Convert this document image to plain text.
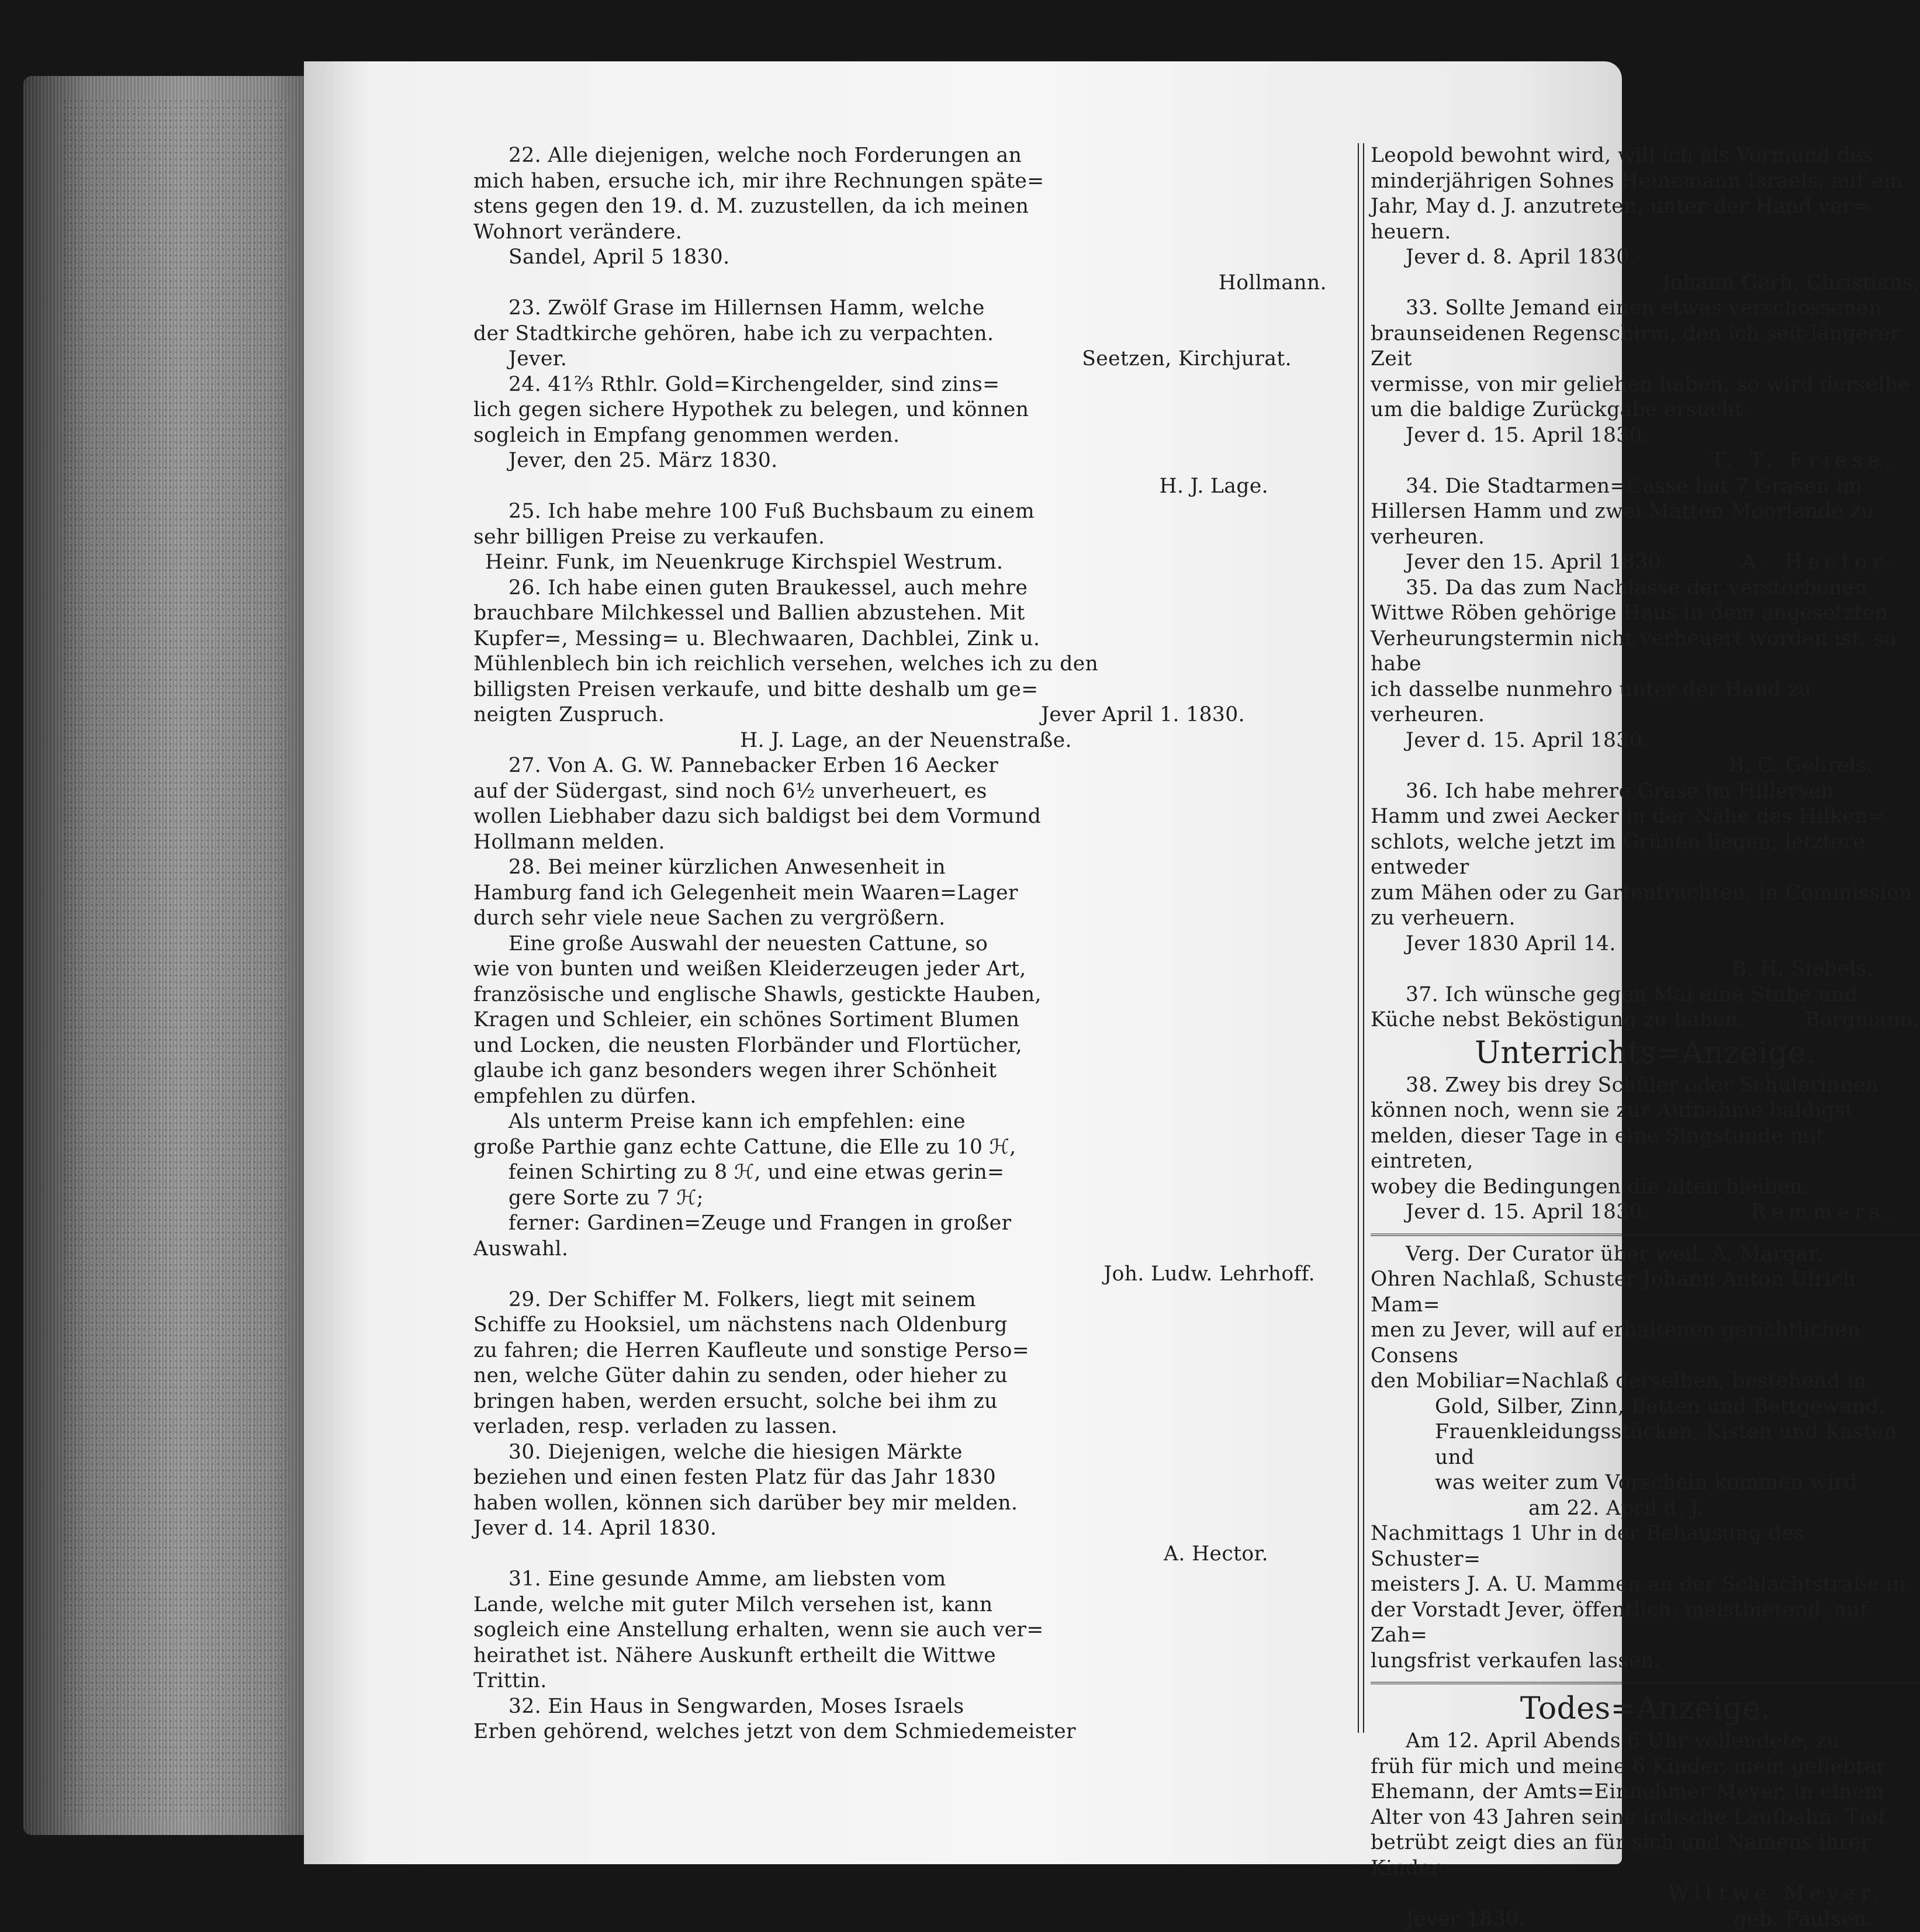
22. Alle diejenigen, welche noch Forderungen an
mich haben, ersuche ich, mir ihre Rechnungen späte=
stens gegen den 19. d. M. zuzustellen, da ich meinen
Wohnort verändere.
Sandel, April 5 1830.
Hollmann.
23. Zwölf Grase im Hillernsen Hamm, welche
der Stadtkirche gehören, habe ich zu verpachten.
Jever.	Seetzen, Kirchjurat.
24. 41⅔ Rthlr. Gold=Kirchengelder, sind zins=
lich gegen sichere Hypothek zu belegen, und können
sogleich in Empfang genommen werden.
Jever, den 25. März 1830.
H. J. Lage.
25. Ich habe mehre 100 Fuß Buchsbaum zu einem
sehr billigen Preise zu verkaufen.
Heinr. Funk, im Neuenkruge Kirchspiel Westrum.
26. Ich habe einen guten Braukessel, auch mehre
brauchbare Milchkessel und Ballien abzustehen. Mit
Kupfer=, Messing= u. Blechwaaren, Dachblei, Zink u.
Mühlenblech bin ich reichlich versehen, welches ich zu den
billigsten Preisen verkaufe, und bitte deshalb um ge=
neigten Zuspruch.	Jever April 1. 1830.
H. J. Lage, an der Neuenstraße.
27. Von A. G. W. Pannebacker Erben 16 Aecker
auf der Südergast, sind noch 6½ unverheuert, es
wollen Liebhaber dazu sich baldigst bei dem Vormund
Hollmann melden.
28. Bei meiner kürzlichen Anwesenheit in
Hamburg fand ich Gelegenheit mein Waaren=Lager
durch sehr viele neue Sachen zu vergrößern.
Eine große Auswahl der neuesten Cattune, so
wie von bunten und weißen Kleiderzeugen jeder Art,
französische und englische Shawls, gestickte Hauben,
Kragen und Schleier, ein schönes Sortiment Blumen
und Locken, die neusten Florbänder und Flortücher,
glaube ich ganz besonders wegen ihrer Schönheit
empfehlen zu dürfen.
Als unterm Preise kann ich empfehlen: eine
große Parthie ganz echte Cattune, die Elle zu 10 ℋ,
feinen Schirting zu 8 ℋ, und eine etwas gerin=
gere Sorte zu 7 ℋ;
ferner: Gardinen=Zeuge und Frangen in großer
Auswahl.
Joh. Ludw. Lehrhoff.
29. Der Schiffer M. Folkers, liegt mit seinem
Schiffe zu Hooksiel, um nächstens nach Oldenburg
zu fahren; die Herren Kaufleute und sonstige Perso=
nen, welche Güter dahin zu senden, oder hieher zu
bringen haben, werden ersucht, solche bei ihm zu
verladen, resp. verladen zu lassen.
30. Diejenigen, welche die hiesigen Märkte
beziehen und einen festen Platz für das Jahr 1830
haben wollen, können sich darüber bey mir melden.
Jever d. 14. April 1830.
A. Hector.
31. Eine gesunde Amme, am liebsten vom
Lande, welche mit guter Milch versehen ist, kann
sogleich eine Anstellung erhalten, wenn sie auch ver=
heirathet ist. Nähere Auskunft ertheilt die Wittwe
Trittin.
32. Ein Haus in Sengwarden, Moses Israels
Erben gehörend, welches jetzt von dem Schmiedemeister
Leopold bewohnt wird, will ich als Vormund des
minderjährigen Sohnes Heinemann Israels, auf ein
Jahr, May d. J. anzutreten, unter der Hand ver=
heuern.
Jever d. 8. April 1830.
Johann Gerh. Christians.
33. Sollte Jemand einen etwas verschossenen
braunseidenen Regenschirm, den ich seit längerer Zeit
vermisse, von mir geliehen haben, so wird derselbe
um die baldige Zurückgabe ersucht.
Jever d. 15. April 1830.
T. T. Friese.
34. Die Stadtarmen=Casse hat 7 Grasen im
Hillersen Hamm und zwei Matten Moorlande zu
verheuren.
Jever den 15. April 1830.	A. Hector.
35. Da das zum Nachlasse der verstorbenen
Wittwe Röben gehörige Haus in dem angesetzten
Verheurungstermin nicht verheuert worden ist, so habe
ich dasselbe nunmehro unter der Hand zu verheuren.
Jever d. 15. April 1830.
B. C. Gehrels.
36. Ich habe mehrere Grase im Hillersen
Hamm und zwei Aecker in der Nähe des Hilken=
schlots, welche jetzt im Grünen liegen, letztere entweder
zum Mähen oder zu Gartenfrüchten, in Commission
zu verheuern.
Jever 1830 April 14.
B. H. Siebels.
37. Ich wünsche gegen Mai eine Stube und
Küche nebst Beköstigung zu haben.	Borgmann.
Unterrichts=Anzeige.
38. Zwey bis drey Schüler oder Schülerinnen
können noch, wenn sie zur Aufnahme baldigst
melden, dieser Tage in eine Singstunde mit eintreten,
wobey die Bedingungen die alten bleiben.
Jever d. 15. April 1830.	Remmers.
Verg. Der Curator über weil. A. Margar.
Ohren Nachlaß, Schuster Johann Anton Ulrich Mam=
men zu Jever, will auf erhaltenen gerichtlichen Consens
den Mobiliar=Nachlaß derselben, bestehend in
Gold, Silber, Zinn, Betten und Bettgewand,
Frauenkleidungsstücken, Kisten und Kasten und
was weiter zum Vorschein kommen wird
am 22. April d. J.
Nachmittags 1 Uhr in der Behausung des Schuster=
meisters J. A. U. Mammen an der Schlachtstraße in
der Vorstadt Jever, öffentlich, meistbietend, auf Zah=
lungsfrist verkaufen lassen.
Todes=Anzeige.
Am 12. April Abends 6 Uhr vollendete, zu
früh für mich und meine 6 Kinder, mein geliebter
Ehemann, der Amts=Einnehmer Meyer, in einem
Alter von 43 Jahren seine irdische Laufbahn. Tief
betrübt zeigt dies an für sich und Namens ihrer
Kinder
Wittwe Meyer,
Jever 1830.	geb. Paulsen.
